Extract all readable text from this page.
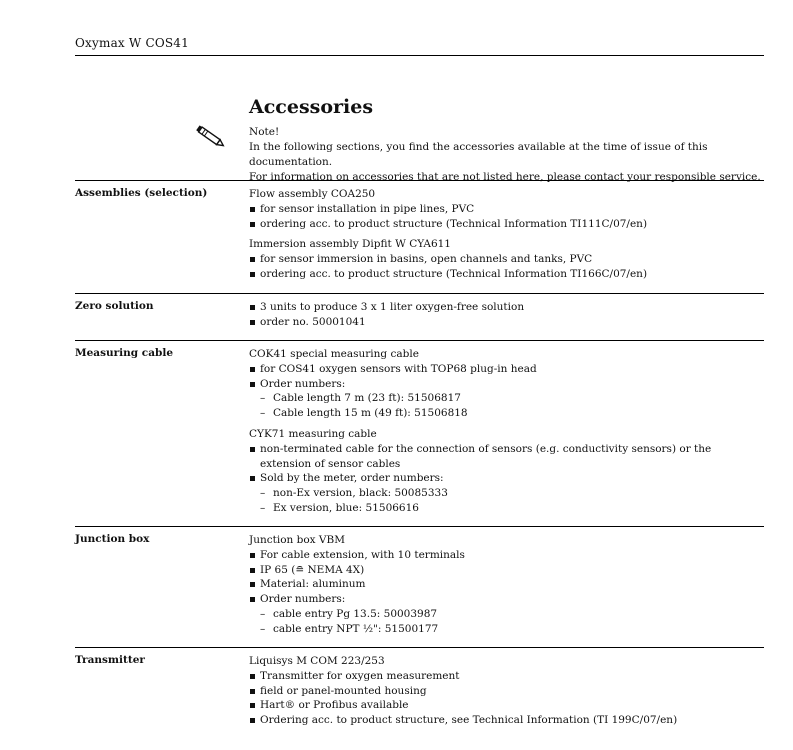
Oxymax W COS41
Accessories
Note!
In the following sections, you find the accessories available at the time of issue of this documentation.
For information on accessories that are not listed here, please contact your responsible service.
Assemblies (selection)	Flow assembly COA250

for sensor installation in pipe lines, PVC
ordering acc. to product structure (Technical Information TI111C/07/en)

Immersion assembly Dipfit W CYA611

for sensor immersion in basins, open channels and tanks, PVC
ordering acc. to product structure (Technical Information TI166C/07/en)
Zero solution	3 units to produce 3 x 1 liter oxygen-free solution
order no. 50001041
Measuring cable	COK41 special measuring cable

for COS41 oxygen sensors with TOP68 plug-in head
Order numbers:
– Cable length 7 m (23 ft): 51506817
– Cable length 15 m (49 ft): 51506818

CYK71 measuring cable

non-terminated cable for the connection of sensors (e.g. conductivity sensors) or the extension of sensor cables
Sold by the meter, order numbers:
– non-Ex version, black: 50085333
– Ex version, blue: 51506616
Junction box	Junction box VBM

For cable extension, with 10 terminals
IP 65 (≘ NEMA 4X)
Material: aluminum
Order numbers:
– cable entry Pg 13.5: 50003987
– cable entry NPT ½": 51500177
Transmitter	Liquisys M COM 223/253

Transmitter for oxygen measurement
field or panel-mounted housing
Hart® or Profibus available
Ordering acc. to product structure, see Technical Information (TI 199C/07/en)
